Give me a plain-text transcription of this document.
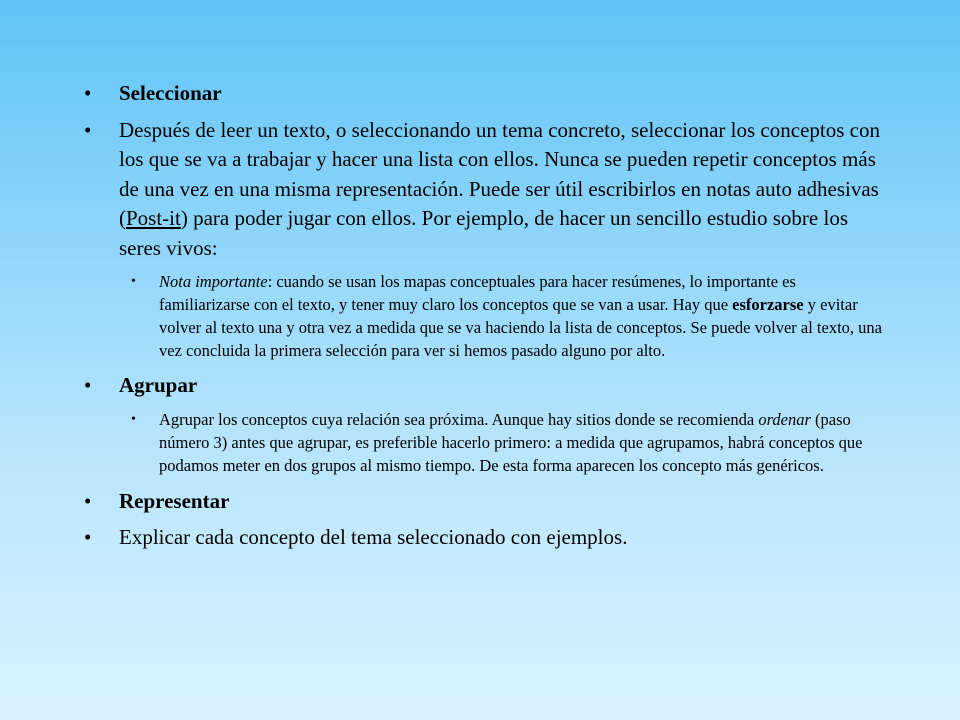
•	Seleccionar
•	Después de leer un texto, o seleccionando un tema concreto, seleccionar los conceptos con los que se va a trabajar y hacer una lista con ellos. Nunca se pueden repetir conceptos más de una vez en una misma representación. Puede ser útil escribirlos en notas auto adhesivas (Post-it) para poder jugar con ellos. Por ejemplo, de hacer un sencillo estudio sobre los seres vivos:
•	Nota importante: cuando se usan los mapas conceptuales para hacer resúmenes, lo importante es familiarizarse con el texto, y tener muy claro los conceptos que se van a usar. Hay que esforzarse y evitar volver al texto una y otra vez a medida que se va haciendo la lista de conceptos. Se puede volver al texto, una vez concluida la primera selección para ver si hemos pasado alguno por alto.
•	Agrupar
•	Agrupar los conceptos cuya relación sea próxima. Aunque hay sitios donde se recomienda ordenar (paso número 3) antes que agrupar, es preferible hacerlo primero: a medida que agrupamos, habrá conceptos que podamos meter en dos grupos al mismo tiempo. De esta forma aparecen los concepto más genéricos.
•	Representar
•	Explicar cada concepto del tema seleccionado con ejemplos.
